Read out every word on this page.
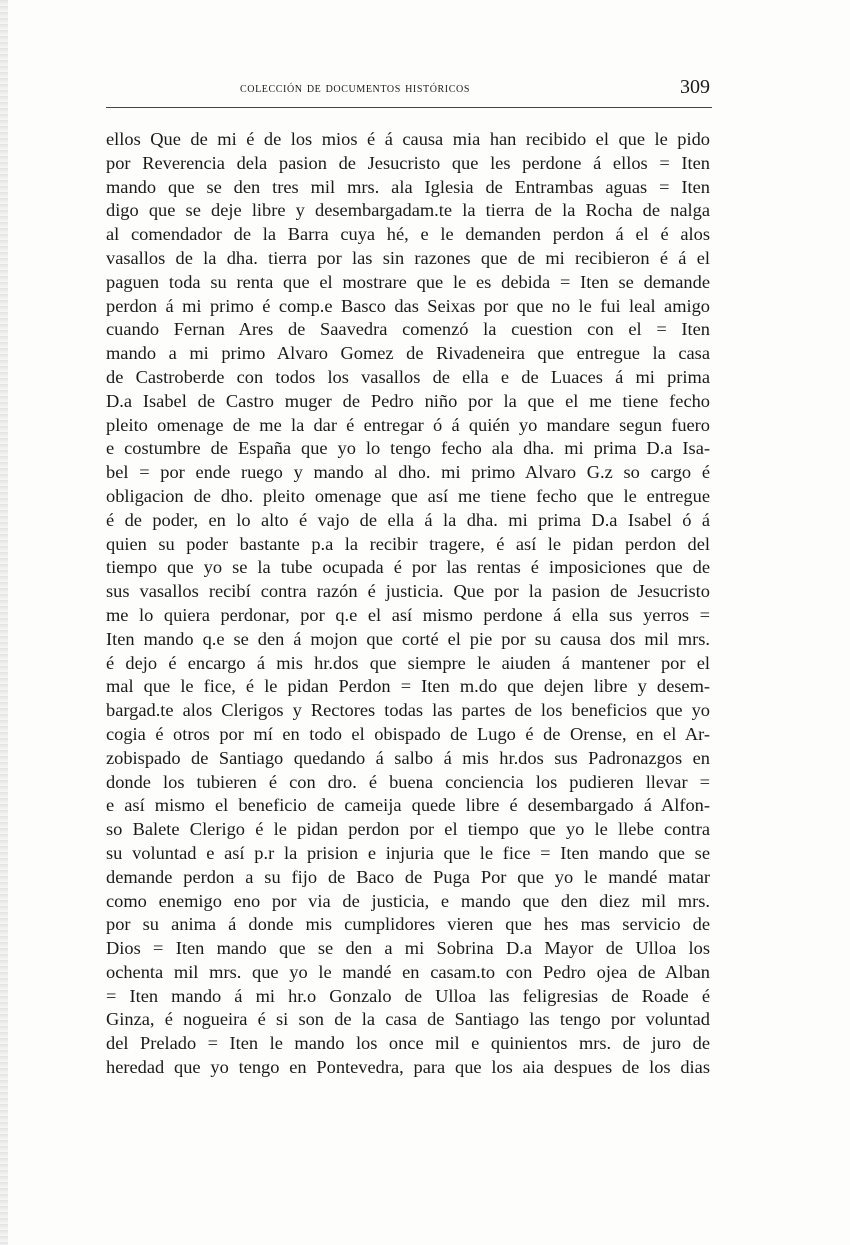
colección de documentos históricos	309
ellos Que de mi é de los mios é á causa mia han recibido el que le pido
por Reverencia dela pasion de Jesucristo que les perdone á ellos = Iten
mando que se den tres mil mrs. ala Iglesia de Entrambas aguas = Iten
digo que se deje libre y desembargadam.te la tierra de la Rocha de nalga
al comendador de la Barra cuya hé, e le demanden perdon á el é alos
vasallos de la dha. tierra por las sin razones que de mi recibieron é á el
paguen toda su renta que el mostrare que le es debida = Iten se demande
perdon á mi primo é comp.e Basco das Seixas por que no le fui leal amigo
cuando Fernan Ares de Saavedra comenzó la cuestion con el = Iten
mando a mi primo Alvaro Gomez de Rivadeneira que entregue la casa
de Castroberde con todos los vasallos de ella e de Luaces á mi prima
D.a Isabel de Castro muger de Pedro niño por la que el me tiene fecho
pleito omenage de me la dar é entregar ó á quién yo mandare segun fuero
e costumbre de España que yo lo tengo fecho ala dha. mi prima D.a Isa-
bel = por ende ruego y mando al dho. mi primo Alvaro G.z so cargo é
obligacion de dho. pleito omenage que así me tiene fecho que le entregue
é de poder, en lo alto é vajo de ella á la dha. mi prima D.a Isabel ó á
quien su poder bastante p.a la recibir tragere, é así le pidan perdon del
tiempo que yo se la tube ocupada é por las rentas é imposiciones que de
sus vasallos recibí contra razón é justicia. Que por la pasion de Jesucristo
me lo quiera perdonar, por q.e el así mismo perdone á ella sus yerros =
Iten mando q.e se den á mojon que corté el pie por su causa dos mil mrs.
é dejo é encargo á mis hr.dos que siempre le aiuden á mantener por el
mal que le fice, é le pidan Perdon = Iten m.do que dejen libre y desem-
bargad.te alos Clerigos y Rectores todas las partes de los beneficios que yo
cogia é otros por mí en todo el obispado de Lugo é de Orense, en el Ar-
zobispado de Santiago quedando á salbo á mis hr.dos sus Padronazgos en
donde los tubieren é con dro. é buena conciencia los pudieren llevar =
e así mismo el beneficio de cameija quede libre é desembargado á Alfon-
so Balete Clerigo é le pidan perdon por el tiempo que yo le llebe contra
su voluntad e así p.r la prision e injuria que le fice = Iten mando que se
demande perdon a su fijo de Baco de Puga Por que yo le mandé matar
como enemigo eno por via de justicia, e mando que den diez mil mrs.
por su anima á donde mis cumplidores vieren que hes mas servicio de
Dios = Iten mando que se den a mi Sobrina D.a Mayor de Ulloa los
ochenta mil mrs. que yo le mandé en casam.to con Pedro ojea de Alban
= Iten mando á mi hr.o Gonzalo de Ulloa las feligresias de Roade é
Ginza, é nogueira é si son de la casa de Santiago las tengo por voluntad
del Prelado = Iten le mando los once mil e quinientos mrs. de juro de
heredad que yo tengo en Pontevedra, para que los aia despues de los dias
